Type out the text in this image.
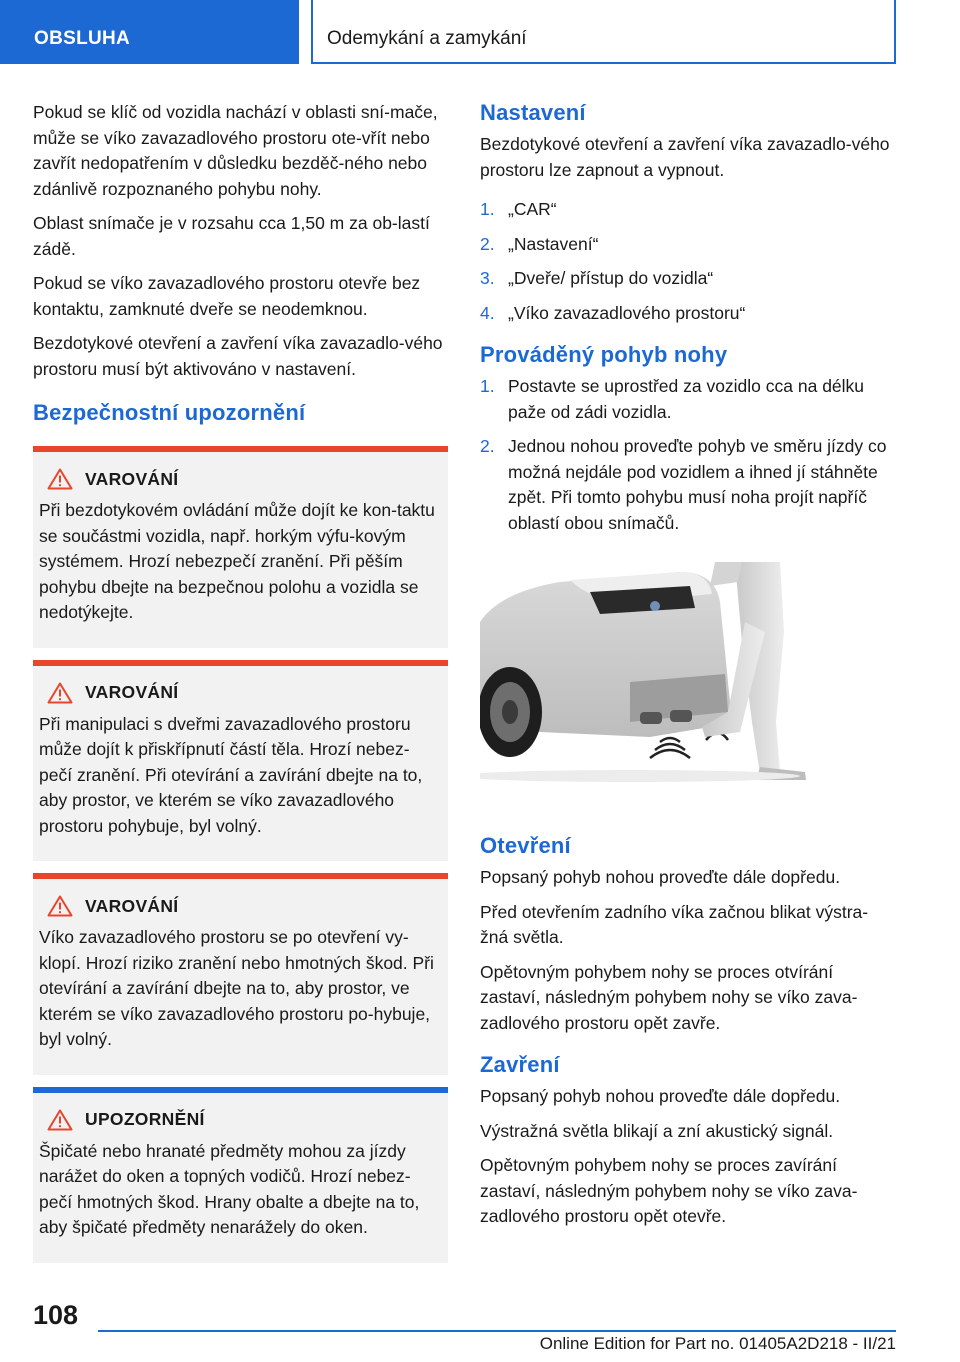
OBSLUHA	Odemykání a zamykání

Pokud se klíč od vozidla nachází v oblasti sní-mače, může se víko zavazadlového prostoru ote-vřít nebo zavřít nedopatřením v důsledku bezděč-ného nebo zdánlivě rozpoznaného pohybu nohy.

Oblast snímače je v rozsahu cca 1,50 m za ob-lastí zádě.

Pokud se víko zavazadlového prostoru otevře bez kontaktu, zamknuté dveře se neodemknou.

Bezdotykové otevření a zavření víka zavazadlo-vého prostoru musí být aktivováno v nastavení.

Bezpečnostní upozornění
VAROVÁNÍ
Při bezdotykovém ovládání může dojít ke kon-taktu se součástmi vozidla, např. horkým výfu-kovým systémem. Hrozí nebezpečí zranění. Při pěším pohybu dbejte na bezpečnou polohu a vozidla se nedotýkejte.
VAROVÁNÍ
Při manipulaci s dveřmi zavazadlového prostoru může dojít k přiskřípnutí částí těla. Hrozí nebez-pečí zranění. Při otevírání a zavírání dbejte na to, aby prostor, ve kterém se víko zavazadlového prostoru pohybuje, byl volný.
VAROVÁNÍ
Víko zavazadlového prostoru se po otevření vy-klopí. Hrozí riziko zranění nebo hmotných škod. Při otevírání a zavírání dbejte na to, aby prostor, ve kterém se víko zavazadlového prostoru po-hybuje, byl volný.
UPOZORNĚNÍ
Špičaté nebo hranaté předměty mohou za jízdy narážet do oken a topných vodičů. Hrozí nebez-pečí hmotných škod. Hrany obalte a dbejte na to, aby špičaté předměty nenarážely do oken.
Nastavení

Bezdotykové otevření a zavření víka zavazadlo-vého prostoru lze zapnout a vypnout.

1. „CAR“
2. „Nastavení“
3. „Dveře/ přístup do vozidla“
4. „Víko zavazadlového prostoru“
Prováděný pohyb nohy
1. Postavte se uprostřed za vozidlo cca na délku paže od zádi vozidla.
2. Jednou nohou proveďte pohyb ve směru jízdy co možná nejdále pod vozidlem a ihned jí stáhněte zpět. Při tomto pohybu musí noha projít napříč oblastí obou snímačů.
Otevření

Popsaný pohyb nohou proveďte dále dopředu.

Před otevřením zadního víka začnou blikat výstra-žná světla.

Opětovným pohybem nohy se proces otvírání zastaví, následným pohybem nohy se víko zava-zadlového prostoru opět zavře.

Zavření

Popsaný pohyb nohou proveďte dále dopředu.

Výstražná světla blikají a zní akustický signál.

Opětovným pohybem nohy se proces zavírání zastaví, následným pohybem nohy se víko zava-zadlového prostoru opět otevře.

108
Online Edition for Part no. 01405A2D218 - II/21
